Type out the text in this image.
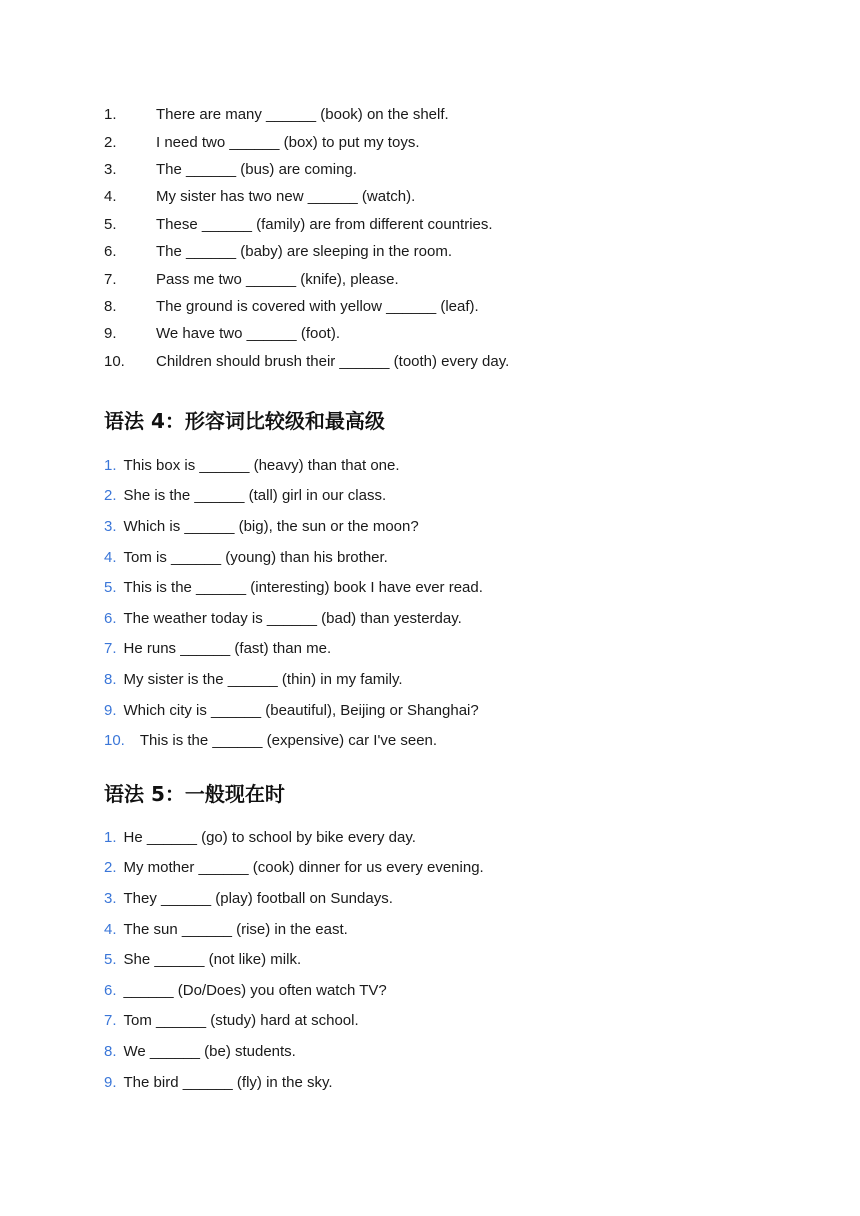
1.	There are many ______ (book) on the shelf.
2.	I need two ______ (box) to put my toys.
3.	The ______ (bus) are coming.
4.	My sister has two new ______ (watch).
5.	These ______ (family) are from different countries.
6.	The ______ (baby) are sleeping in the room.
7.	Pass me two ______ (knife), please.
8.	The ground is covered with yellow ______ (leaf).
9.	We have two ______ (foot).
10.	Children should brush their ______ (tooth) every day.
语法 4：形容词比较级和最高级
1. This box is ______ (heavy) than that one.
2. She is the ______ (tall) girl in our class.
3. Which is ______ (big), the sun or the moon?
4. Tom is ______ (young) than his brother.
5. This is the ______ (interesting) book I have ever read.
6. The weather today is ______ (bad) than yesterday.
7. He runs ______ (fast) than me.
8. My sister is the ______ (thin) in my family.
9. Which city is ______ (beautiful), Beijing or Shanghai?
10. This is the ______ (expensive) car I've seen.
语法 5：一般现在时
1. He ______ (go) to school by bike every day.
2. My mother ______ (cook) dinner for us every evening.
3. They ______ (play) football on Sundays.
4. The sun ______ (rise) in the east.
5. She ______ (not like) milk.
6. ______ (Do/Does) you often watch TV?
7. Tom ______ (study) hard at school.
8. We ______ (be) students.
9. The bird ______ (fly) in the sky.
